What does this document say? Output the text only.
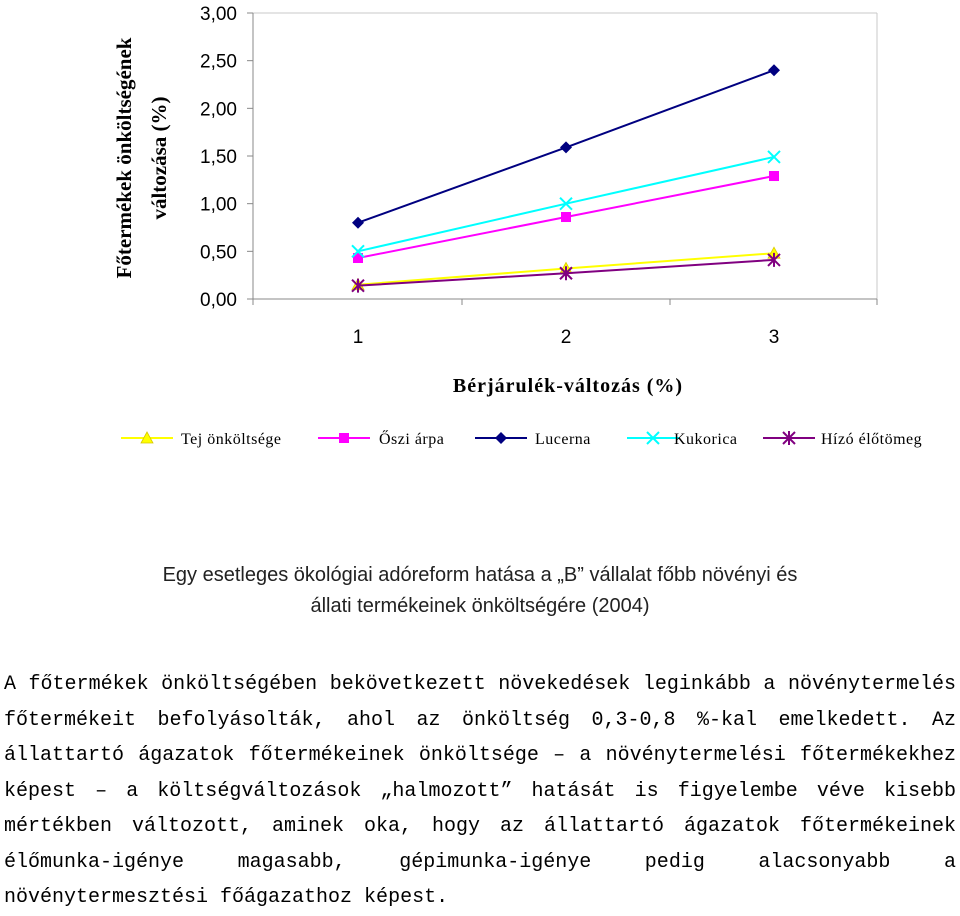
3,00
2,50
2,00
1,50
1,00
0,50
0,00
1	2	3
Főtermékek önköltségének változása (%)
Bérjárulék-változás (%)
Tej önköltsége	Őszi árpa	Lucerna	Kukorica	Hízó élőtömeg
Egy esetleges ökológiai adóreform hatása a „B” vállalat főbb növényi és
állati termékeinek önköltségére (2004)
A főtermékek önköltségében bekövetkezett növekedések leginkább a növénytermelés főtermékeit befolyásolták, ahol az önköltség 0,3-0,8 %-kal emelkedett. Az állattartó ágazatok főtermékeinek önköltsége – a növénytermelési főtermékekhez képest – a költségváltozások „halmozott” hatását is figyelembe véve kisebb mértékben változott, aminek oka, hogy az állattartó ágazatok főtermékeinek élőmunka-igénye magasabb, gépimunka-igénye pedig alacsonyabb a növénytermesztési főágazathoz képest.
